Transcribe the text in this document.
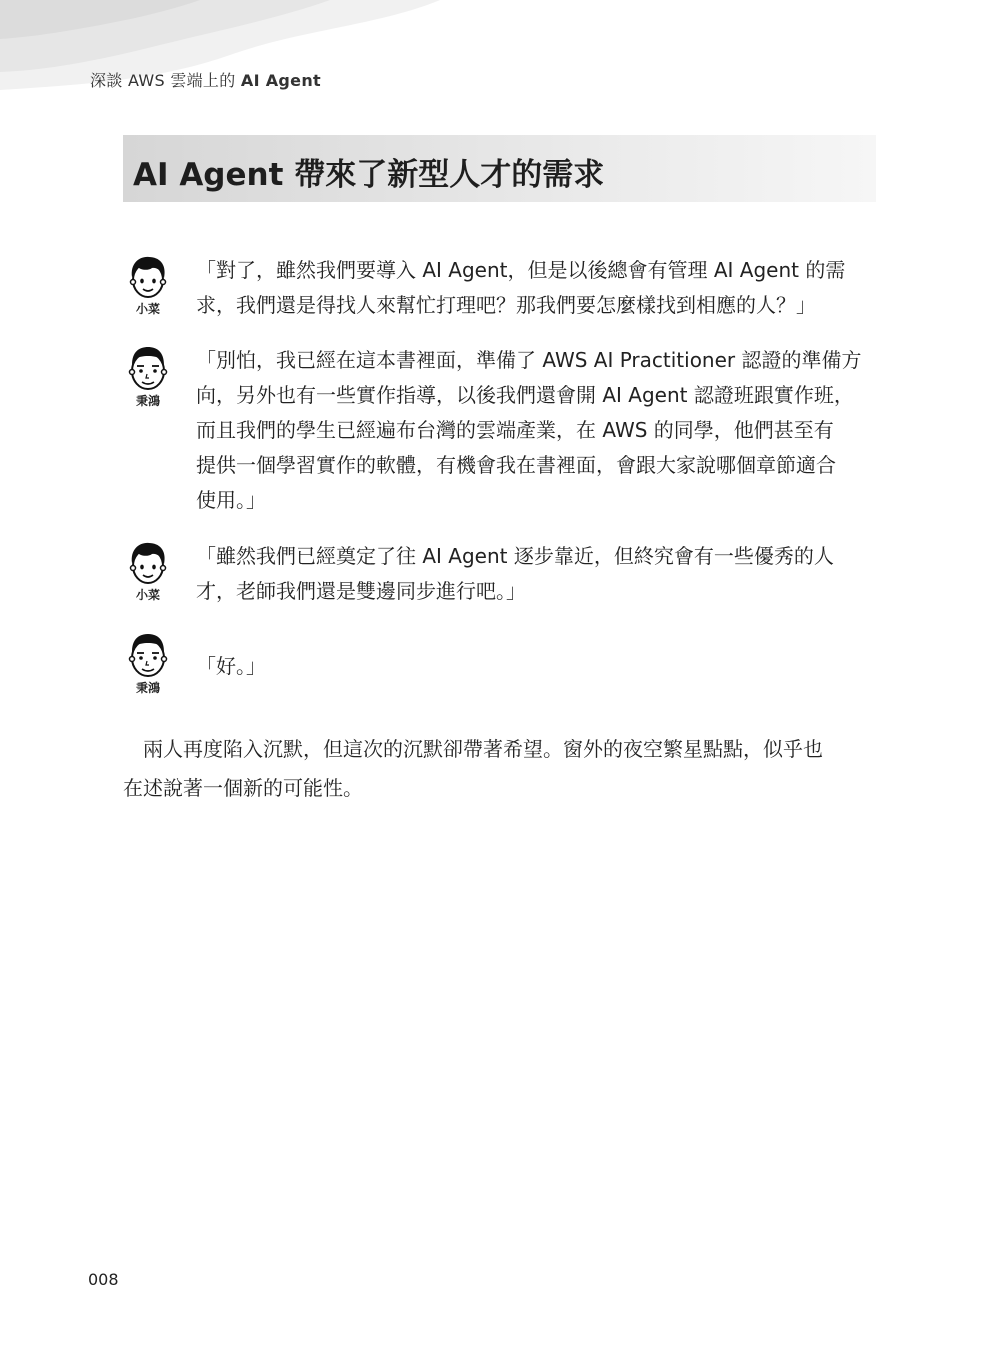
深談 AWS 雲端上的 AI Agent
AI Agent 帶來了新型人才的需求
小菜

「對了，雖然我們要導入 AI Agent，但是以後總會有管理 AI Agent 的需

求，我們還是得找人來幫忙打理吧？那我們要怎麼樣找到相應的人？」

秉鴻

「別怕，我已經在這本書裡面，準備了 AWS AI Practitioner 認證的準備方

向，另外也有一些實作指導，以後我們還會開 AI Agent 認證班跟實作班，

而且我們的學生已經遍布台灣的雲端產業，在 AWS 的同學，他們甚至有

提供一個學習實作的軟體，有機會我在書裡面，會跟大家說哪個章節適合

使用。」

小菜

「雖然我們已經奠定了往 AI Agent 逐步靠近，但終究會有一些優秀的人

才，老師我們還是雙邊同步進行吧。」

秉鴻

「好。」

　兩人再度陷入沉默，但這次的沉默卻帶著希望。窗外的夜空繁星點點，似乎也
在述說著一個新的可能性。
008
